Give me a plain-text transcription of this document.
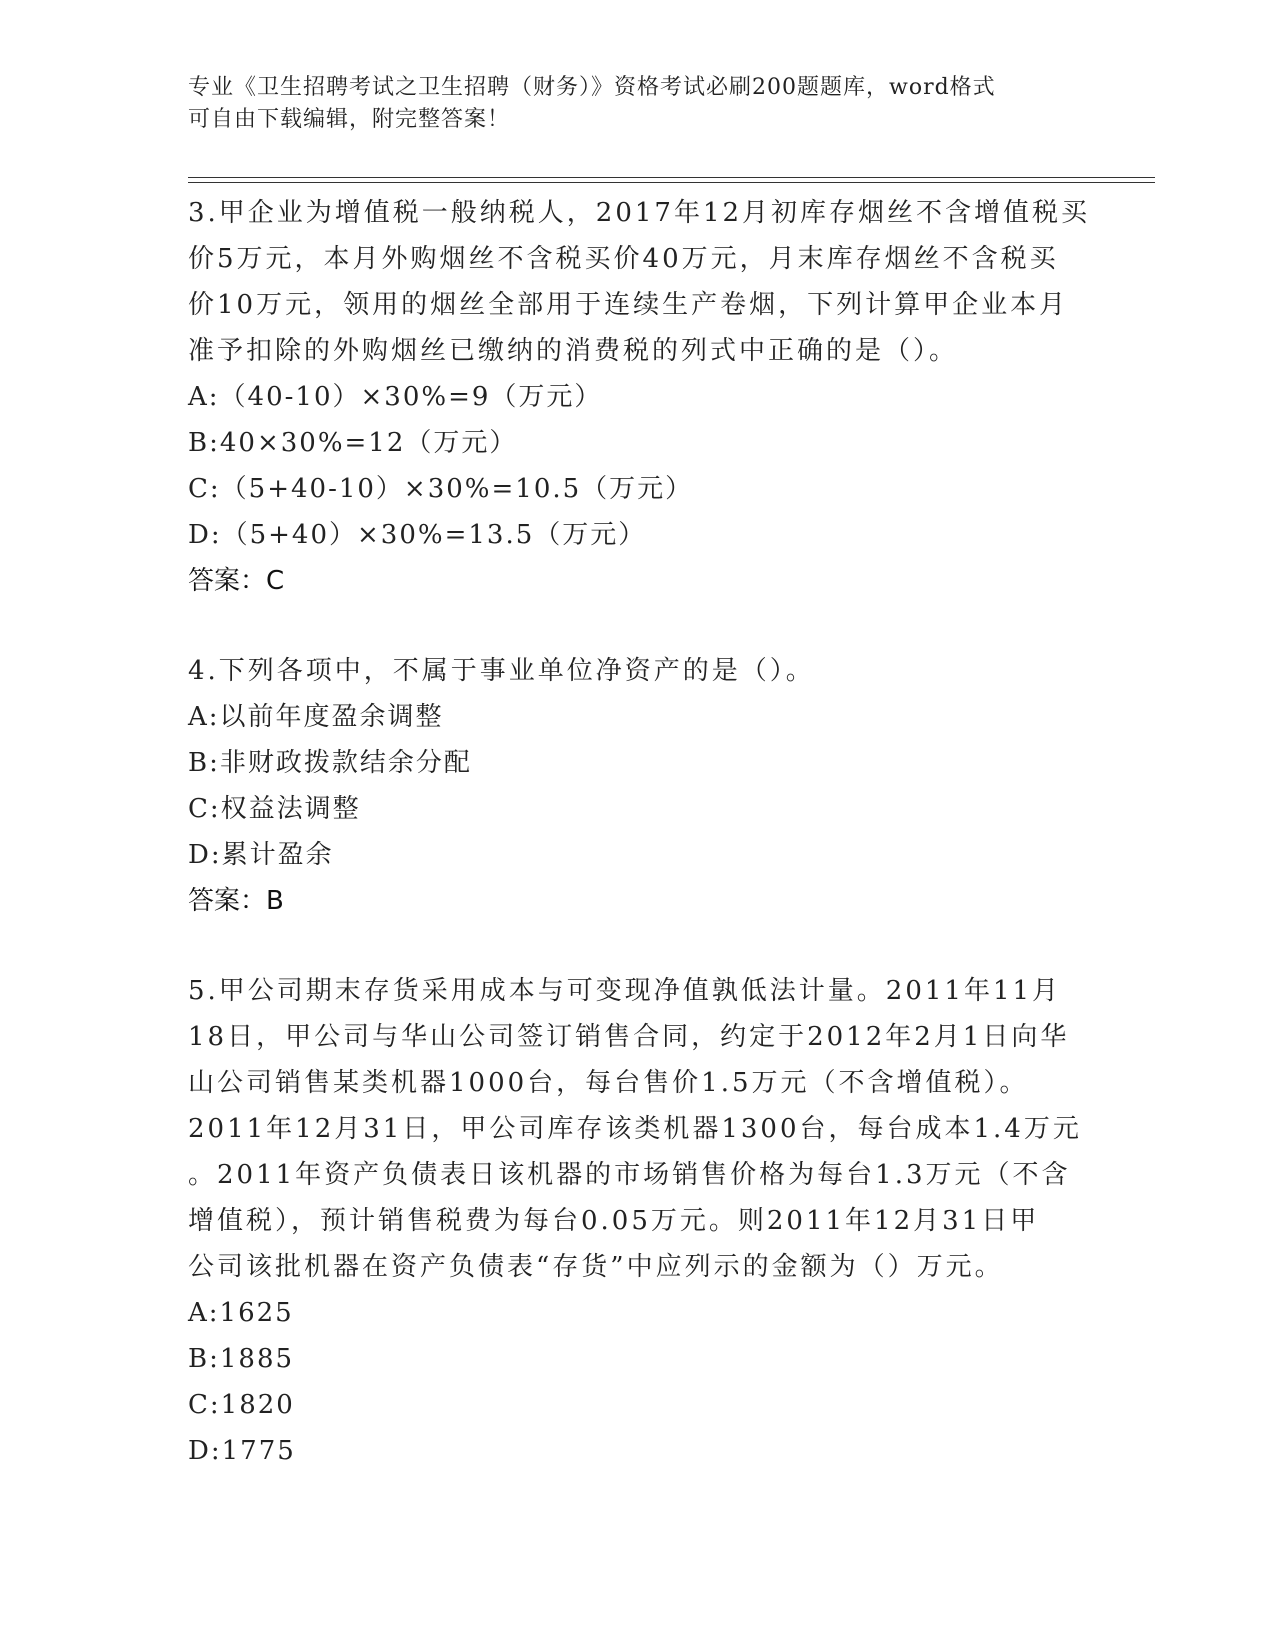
专业《卫生招聘考试之卫生招聘（财务）》资格考试必刷200题题库，word格式
可自由下载编辑，附完整答案！
3.甲企业为增值税一般纳税人，2017年12月初库存烟丝不含增值税买
价5万元，本月外购烟丝不含税买价40万元，月末库存烟丝不含税买
价10万元，领用的烟丝全部用于连续生产卷烟，下列计算甲企业本月
准予扣除的外购烟丝已缴纳的消费税的列式中正确的是（）。
A:（40-10）×30%=9（万元）
B:40×30%=12（万元）
C:（5+40-10）×30%=10.5（万元）
D:（5+40）×30%=13.5（万元）
答案：C
4.下列各项中，不属于事业单位净资产的是（）。
A:以前年度盈余调整
B:非财政拨款结余分配
C:权益法调整
D:累计盈余
答案：B
5.甲公司期末存货采用成本与可变现净值孰低法计量。2011年11月
18日，甲公司与华山公司签订销售合同，约定于2012年2月1日向华
山公司销售某类机器1000台，每台售价1.5万元（不含增值税）。
2011年12月31日，甲公司库存该类机器1300台，每台成本1.4万元
。2011年资产负债表日该机器的市场销售价格为每台1.3万元（不含
增值税），预计销售税费为每台0.05万元。则2011年12月31日甲
公司该批机器在资产负债表“存货”中应列示的金额为（）万元。
A:1625
B:1885
C:1820
D:1775
